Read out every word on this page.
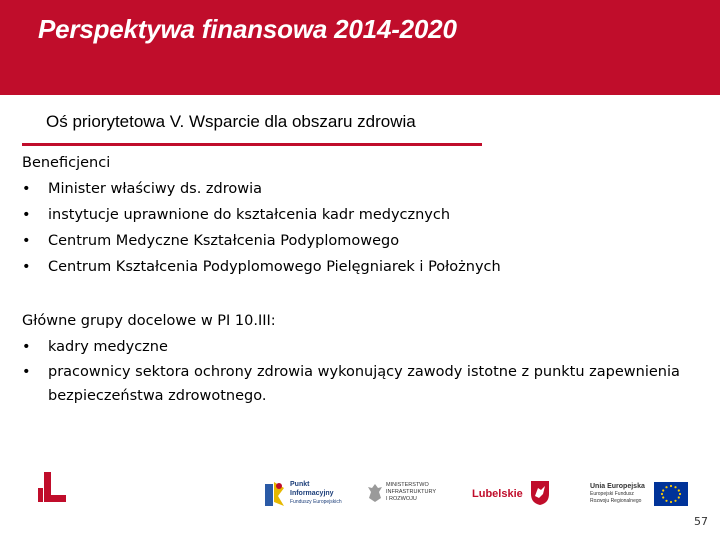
Perspektywa finansowa 2014-2020
Oś priorytetowa V. Wsparcie dla obszaru zdrowia
Beneficjenci
• Minister właściwy ds. zdrowia
• instytucje uprawnione do kształcenia kadr medycznych
• Centrum Medyczne Kształcenia Podyplomowego
• Centrum Kształcenia Podyplomowego Pielęgniarek i Położnych
Główne grupy docelowe w PI 10.III:
• kadry medyczne
• pracownicy sektora ochrony zdrowia wykonujący zawody istotne z punktu zapewnienia bezpieczeństwa zdrowotnego.
Punkt
Informacyjny
Funduszy Europejskich
MINISTERSTWO
INFRASTRUKTURY
I ROZWOJU	Lubelskie
Unia Europejska
Europejski Fundusz
Rozwoju Regionalnego
57
